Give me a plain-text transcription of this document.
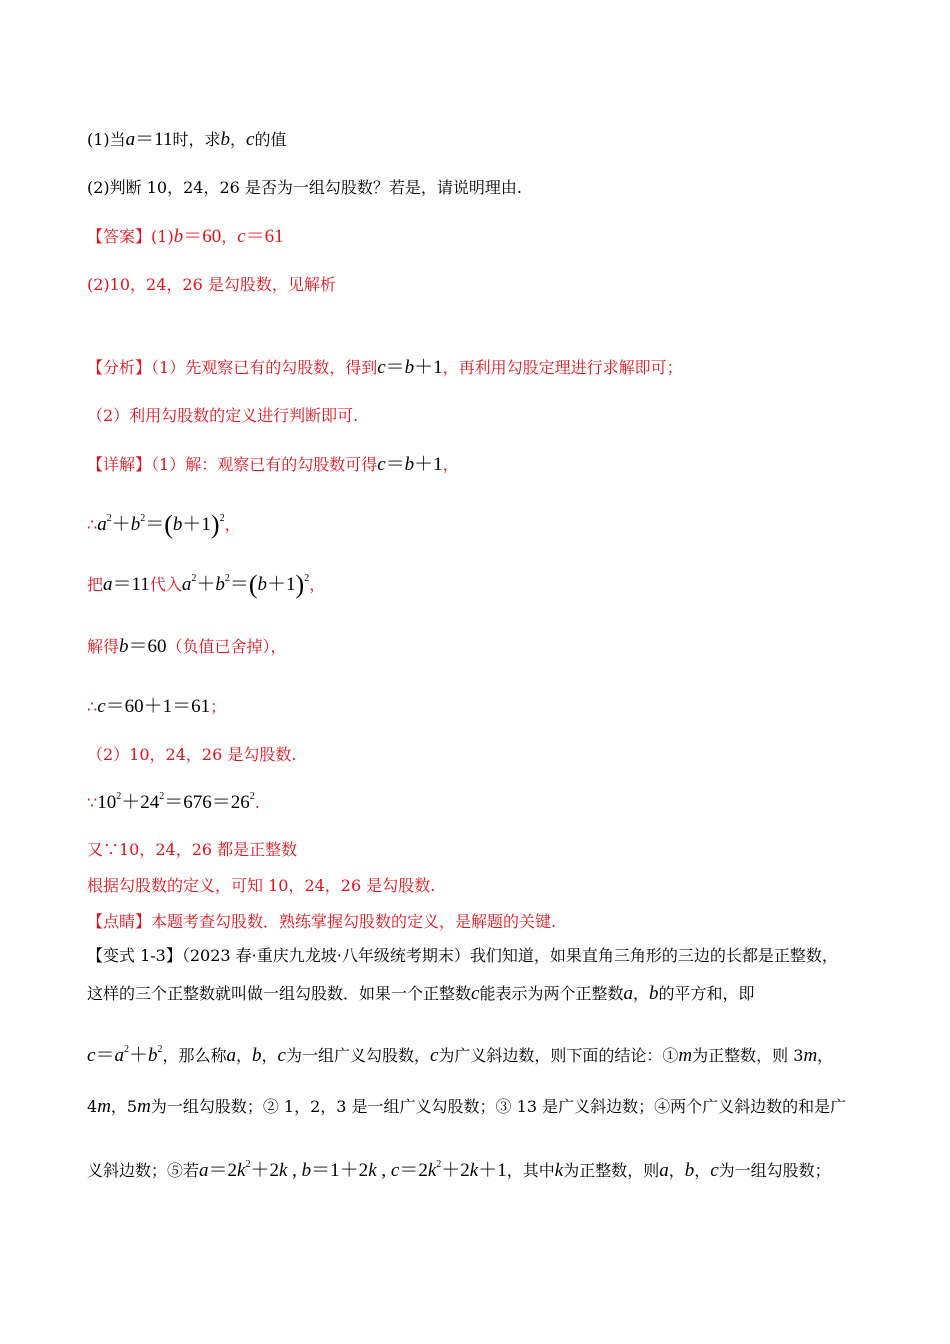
(1)当a＝11时，求b，c的值
(2)判断 10，24，26 是否为一组勾股数？若是，请说明理由.
【答案】(1)b＝60，c＝61
(2)10，24，26 是勾股数，见解析
【分析】（1）先观察已有的勾股数，得到c＝b＋1，再利用勾股定理进行求解即可；
（2）利用勾股数的定义进行判断即可.
【详解】（1）解：观察已有的勾股数可得c＝b＋1，
$\therefore a^2+b^2=(b+1)^2$，
把a＝11代入$a^2+b^2=(b+1)^2$，
解得b＝60（负值已舍掉），
∴c＝60＋1＝61；
（2）10，24，26 是勾股数.
$\because 10^2+24^2=676=26^2$.
又∵10，24，26 都是正整数
根据勾股数的定义，可知 10，24，26 是勾股数.
【点睛】本题考查勾股数．熟练掌握勾股数的定义，是解题的关键.
【变式 1-3】（2023 春·重庆九龙坡·八年级统考期末）我们知道，如果直角三角形的三边的长都是正整数，
这样的三个正整数就叫做一组勾股数．如果一个正整数c能表示为两个正整数a，b的平方和，即
$c=a^2+b^2$，那么称a，b，c为一组广义勾股数，c为广义斜边数，则下面的结论：①m为正整数，则 3m，
4m，5m为一组勾股数；② 1，2，3 是一组广义勾股数；③ 13 是广义斜边数；④两个广义斜边数的和是广
义斜边数；⑤若$a=2k^2+2k$ , b＝1＋2k , $c=2k^2+2k+1$，其中k为正整数，则a，b，c为一组勾股数；
